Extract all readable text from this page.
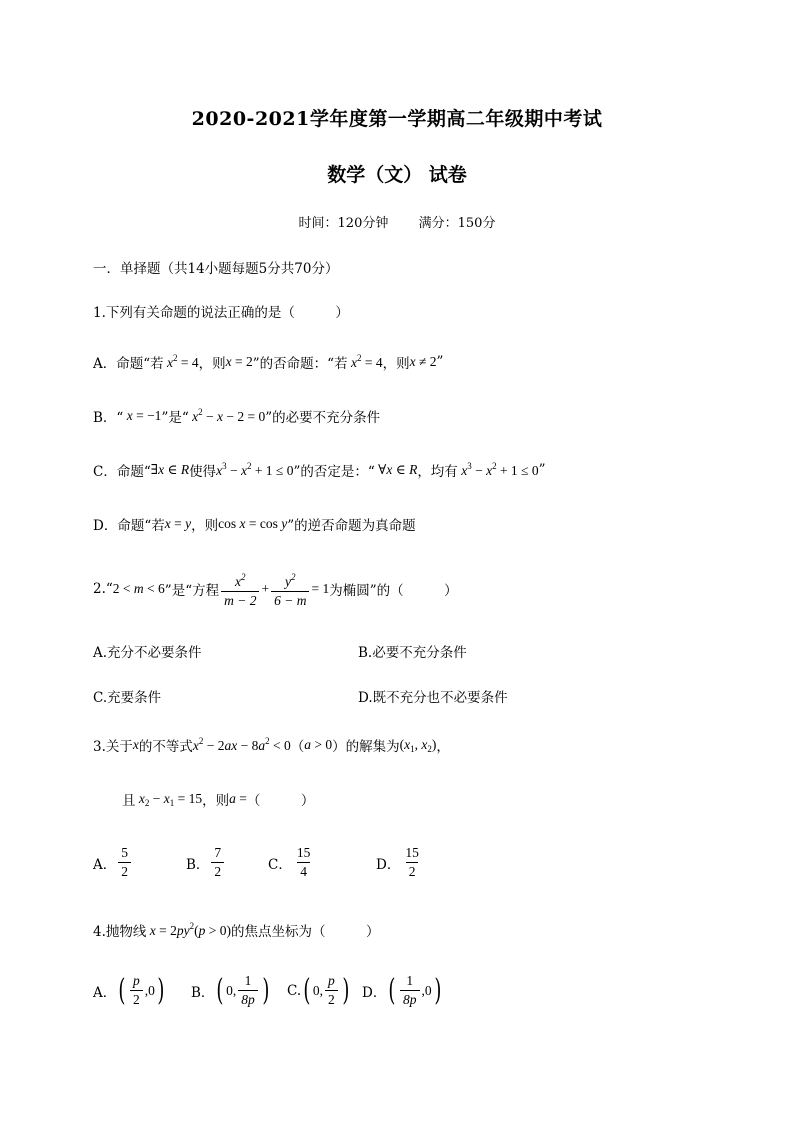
2020-2021学年度第一学期高二年级期中考试
数学（文） 试卷
时间：120分钟 满分：150分
一．单择题（共14小题每题5分共70分）
1.下列有关命题的说法正确的是（　　　）
A．命题“若 $x^2 = 4$ ，则 x = 2 ”的否命题：“若 $x^2 = 4$ ，则 x ≠ 2 ”
B．“ x = −1 ”是“ $x^2 - x - 2 = 0$ ”的必要不充分条件
C．命题“ ∃x ∈ R 使得 $x^3 - x^2 + 1 \le 0$ ”的否定是：“ ∀x ∈ R ，均有 $x^3 - x^2 + 1 \le 0$ ”
D．命题“若 x = y ，则 cos x = cos y ”的逆否命题为真命题
2.“ 2 < m < 6 ”是“方程 $\frac{x^2}{m - 2} + \frac{y^2}{6 - m} = 1$ 为椭圆”的（　　　）
A.充分不必要条件	B.必要不充分条件
C.充要条件	D.既不充分也不必要条件
3.关于 x 的不等式 $x^2 - 2ax - 8a^2 < 0$ （ a > 0 ）的解集为 ($x_1$, $x_2$) ，
且 $x_2 - x_1 = 15$ ，则 a = （　　　）
A． $\frac{5}{2}$	B． $\frac{7}{2}$	C． $\frac{15}{4}$	D． $\frac{15}{2}$
4.抛物线 $x = 2py^2(p > 0)$ 的焦点坐标为（　　　）
A． ( $\frac{p}{2} ,0$ ) B． ( 0, $\frac{1}{8p}$ ) C. ( 0, $\frac{p}{2}$ ) D． ( $\frac{1}{8p} ,0$ )
